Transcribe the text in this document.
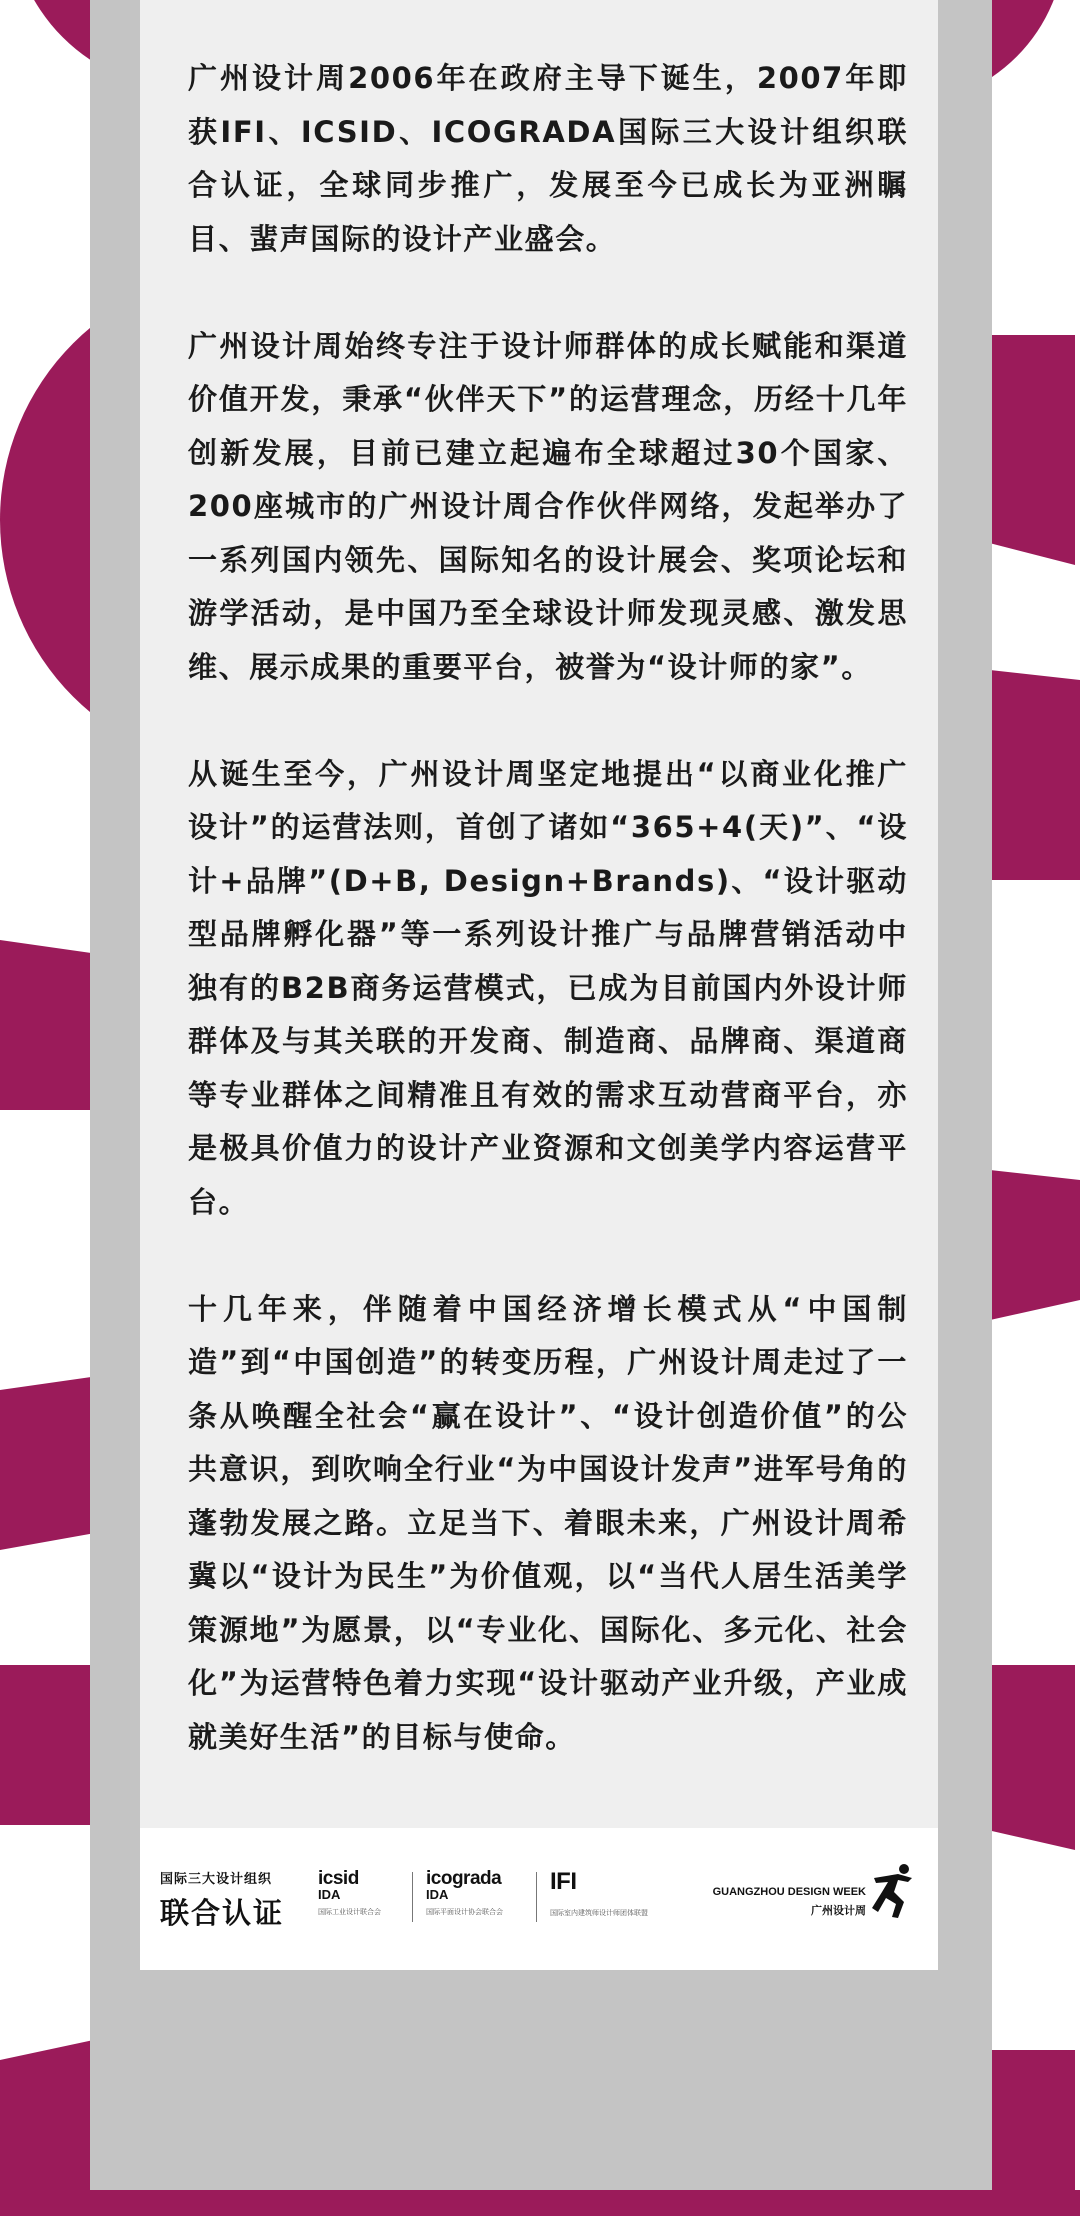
广州设计周2006年在政府主导下诞生，2007年即获IFI、ICSID、ICOGRADA国际三大设计组织联合认证，全球同步推广，发展至今已成长为亚洲瞩目、蜚声国际的设计产业盛会。

广州设计周始终专注于设计师群体的成长赋能和渠道价值开发，秉承“伙伴天下”的运营理念，历经十几年创新发展，目前已建立起遍布全球超过30个国家、200座城市的广州设计周合作伙伴网络，发起举办了一系列国内领先、国际知名的设计展会、奖项论坛和游学活动，是中国乃至全球设计师发现灵感、激发思维、展示成果的重要平台，被誉为“设计师的家”。

从诞生至今，广州设计周坚定地提出“以商业化推广设计”的运营法则，首创了诸如“365+4(天)”、“设计+品牌”(D+B, Design+Brands)、“设计驱动型品牌孵化器”等一系列设计推广与品牌营销活动中独有的B2B商务运营模式，已成为目前国内外设计师群体及与其关联的开发商、制造商、品牌商、渠道商等专业群体之间精准且有效的需求互动营商平台，亦是极具价值力的设计产业资源和文创美学内容运营平台。

十几年来，伴随着中国经济增长模式从“中国制造”到“中国创造”的转变历程，广州设计周走过了一条从唤醒全社会“赢在设计”、“设计创造价值”的公共意识，到吹响全行业“为中国设计发声”进军号角的蓬勃发展之路。立足当下、着眼未来，广州设计周希冀以“设计为民生”为价值观，以“当代人居生活美学策源地”为愿景，以“专业化、国际化、多元化、社会化”为运营特色着力实现“设计驱动产业升级，产业成就美好生活”的目标与使命。

国际三大设计组织
联合认证
icsid
IDA
国际工业设计联合会
icograda
IDA
国际平面设计协会联合会
IFI
国际室内建筑师设计师团体联盟
GUANGZHOU DESIGN WEEK
广州设计周
